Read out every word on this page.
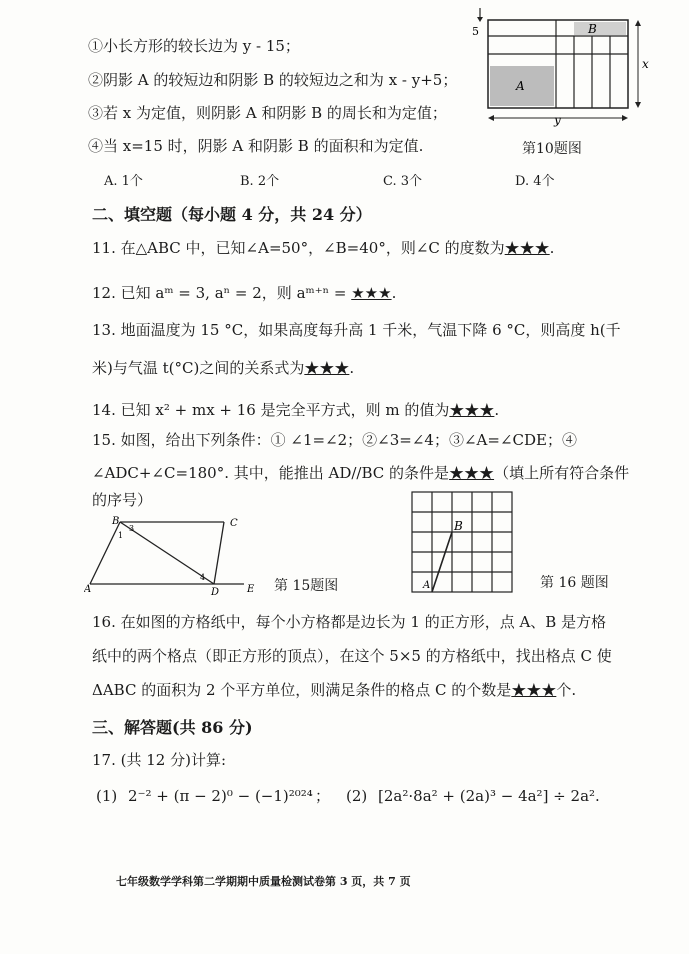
①小长方形的较长边为 y - 15；
②阴影 A 的较短边和阴影 B 的较短边之和为 x - y+5；
③若 x 为定值，则阴影 A 和阴影 B 的周长和为定值；
④当 x=15 时，阴影 A 和阴影 B 的面积和为定值.
5	B
A
x
y
第10题图
A. 1个	B. 2个	C. 3个	D. 4个
二、填空题（每小题 4 分，共 24 分）
11. 在△ABC 中，已知∠A=50°，∠B=40°，则∠C 的度数为★★★.
12. 已知 aᵐ = 3, aⁿ = 2，则 aᵐ⁺ⁿ = ★★★.
13. 地面温度为 15 °C，如果高度每升高 1 千米，气温下降 6 °C，则高度 h(千
米)与气温 t(°C)之间的关系式为★★★.
14. 已知 x² + mx + 16 是完全平方式，则 m 的值为★★★.
15. 如图，给出下列条件：① ∠1=∠2；②∠3=∠4；③∠A=∠CDE；④
∠ADC+∠C=180°. 其中，能推出 AD//BC 的条件是★★★（填上所有符合条件
的序号）
B	C
A	D	E
1
3
4
第 15题图
B
A	第 16 题图
16. 在如图的方格纸中，每个小方格都是边长为 1 的正方形，点 A、B 是方格
纸中的两个格点（即正方形的顶点），在这个 5×5 的方格纸中，找出格点 C 使
ΔABC 的面积为 2 个平方单位，则满足条件的格点 C 的个数是★★★个.
三、解答题(共 86 分)
17. (共 12 分)计算:
(1) 2⁻² + (π − 2)⁰ − (−1)²⁰²⁴ ； (2) [2a²·8a² + (2a)³ − 4a²] ÷ 2a².
七年级数学学科第二学期期中质量检测试卷第 3 页，共 7 页
